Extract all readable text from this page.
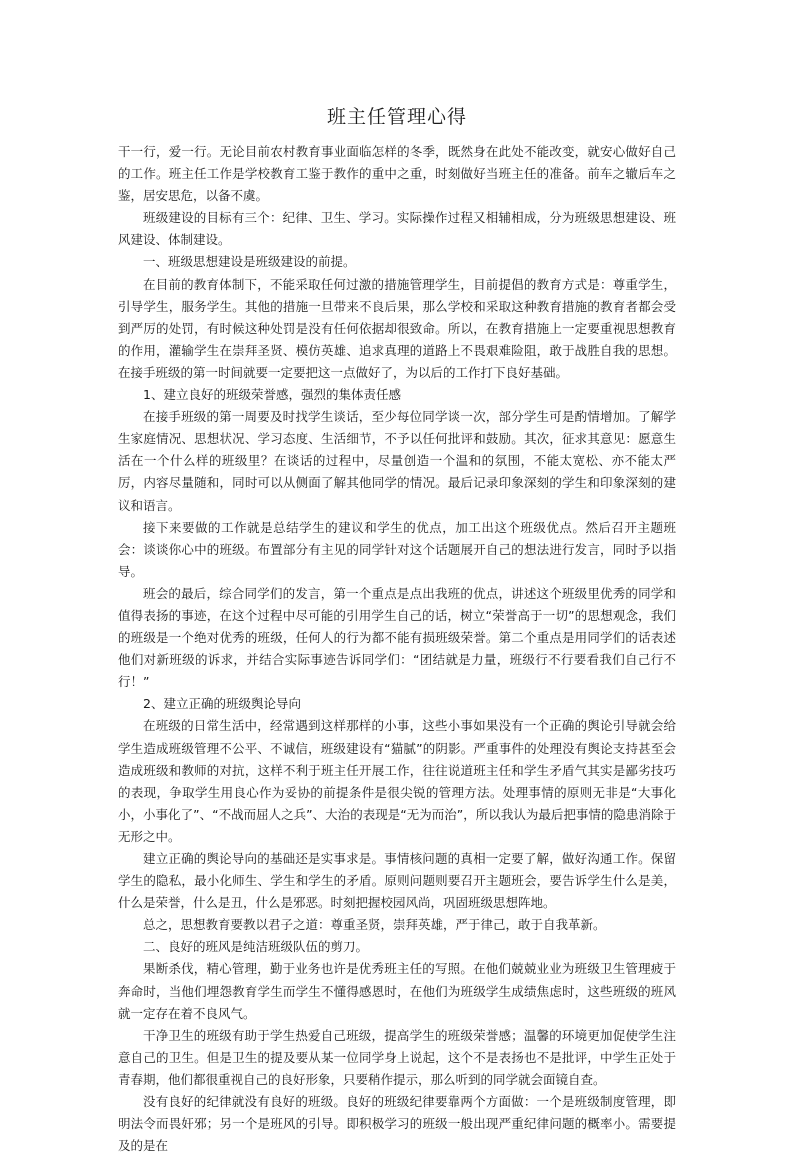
班主任管理心得

干一行，爱一行。无论目前农村教育事业面临怎样的冬季，既然身在此处不能改变，就安心做好自己的工作。班主任工作是学校教育工鉴于教作的重中之重，时刻做好当班主任的准备。前车之辙后车之鉴，居安思危，以备不虞。

班级建设的目标有三个：纪律、卫生、学习。实际操作过程又相辅相成，分为班级思想建设、班风建设、体制建设。

一、班级思想建设是班级建设的前提。

在目前的教育体制下，不能采取任何过激的措施管理学生，目前提倡的教育方式是：尊重学生，引导学生，服务学生。其他的措施一旦带来不良后果，那么学校和采取这种教育措施的教育者都会受到严厉的处罚，有时候这种处罚是没有任何依据却很致命。所以，在教育措施上一定要重视思想教育的作用，灌输学生在崇拜圣贤、模仿英雄、追求真理的道路上不畏艰难险阻，敢于战胜自我的思想。在接手班级的第一时间就要一定要把这一点做好了，为以后的工作打下良好基础。

1、建立良好的班级荣誉感，强烈的集体责任感

在接手班级的第一周要及时找学生谈话，至少每位同学谈一次，部分学生可是酌情增加。了解学生家庭情况、思想状况、学习态度、生活细节，不予以任何批评和鼓励。其次，征求其意见：愿意生活在一个什么样的班级里？在谈话的过程中，尽量创造一个温和的氛围，不能太宽松、亦不能太严厉，内容尽量随和，同时可以从侧面了解其他同学的情况。最后记录印象深刻的学生和印象深刻的建议和语言。

接下来要做的工作就是总结学生的建议和学生的优点，加工出这个班级优点。然后召开主题班会：谈谈你心中的班级。布置部分有主见的同学针对这个话题展开自己的想法进行发言，同时予以指导。

班会的最后，综合同学们的发言，第一个重点是点出我班的优点，讲述这个班级里优秀的同学和值得表扬的事迹，在这个过程中尽可能的引用学生自己的话，树立“荣誉高于一切”的思想观念，我们的班级是一个绝对优秀的班级，任何人的行为都不能有损班级荣誉。第二个重点是用同学们的话表述他们对新班级的诉求，并结合实际事迹告诉同学们：“团结就是力量，班级行不行要看我们自己行不行！”

2、建立正确的班级舆论导向

在班级的日常生活中，经常遇到这样那样的小事，这些小事如果没有一个正确的舆论引导就会给学生造成班级管理不公平、不诚信，班级建设有“猫腻”的阴影。严重事件的处理没有舆论支持甚至会造成班级和教师的对抗，这样不利于班主任开展工作，往往说道班主任和学生矛盾气其实是鄙劣技巧的表现，争取学生用良心作为妥协的前提条件是很尖锐的管理方法。处理事情的原则无非是“大事化小，小事化了”、“不战而屈人之兵”、大治的表现是“无为而治”，所以我认为最后把事情的隐患消除于无形之中。

建立正确的舆论导向的基础还是实事求是。事情核问题的真相一定要了解，做好沟通工作。保留学生的隐私，最小化师生、学生和学生的矛盾。原则问题则要召开主题班会，要告诉学生什么是美，什么是荣誉，什么是丑，什么是邪恶。时刻把握校园风尚，巩固班级思想阵地。

总之，思想教育要教以君子之道：尊重圣贤，崇拜英雄，严于律己，敢于自我革新。

二、良好的班风是纯洁班级队伍的剪刀。

果断杀伐，精心管理，勤于业务也许是优秀班主任的写照。在他们兢兢业业为班级卫生管理疲于奔命时，当他们埋怨教育学生而学生不懂得感恩时，在他们为班级学生成绩焦虑时，这些班级的班风就一定存在着不良风气。

干净卫生的班级有助于学生热爱自己班级，提高学生的班级荣誉感；温馨的环境更加促使学生注意自己的卫生。但是卫生的提及要从某一位同学身上说起，这个不是表扬也不是批评，中学生正处于青春期，他们都很重视自己的良好形象，只要稍作提示，那么听到的同学就会面镜自查。

没有良好的纪律就没有良好的班级。良好的班级纪律要靠两个方面做：一个是班级制度管理，即明法令而畏奸邪；另一个是班风的引导。即积极学习的班级一般出现严重纪律问题的概率小。需要提及的是在
